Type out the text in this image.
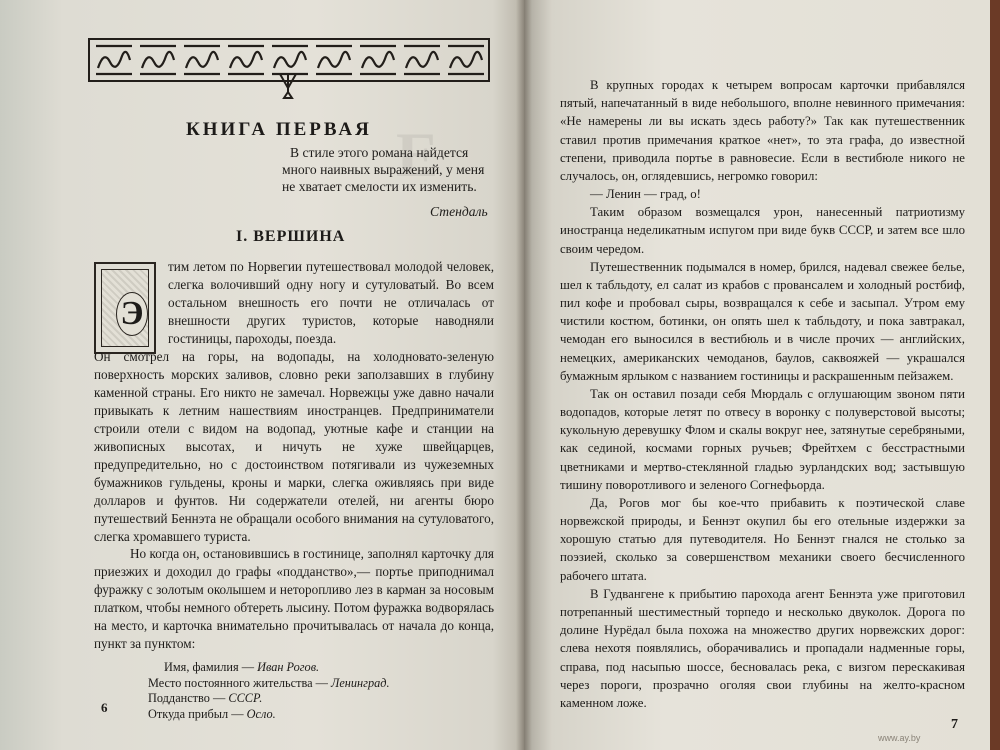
E
КНИГА ПЕРВАЯ
В стиле этого романа найдется
много наивных выражений, у меня
не хватает смелости их изменить.
Стендаль
I. ВЕРШИНА
Э
тим летом по Норвегии путешествовал молодой человек, слегка волочивший одну ногу и сутуловатый. Во всем остальном внешность его почти не отличалась от внешности других туристов, которые наводняли гостиницы, пароходы, поезда.
Он смотрел на горы, на водопады, на холодновато-зеленую поверхность морских заливов, словно реки заползавших в глубину каменной страны. Его никто не замечал. Норвежцы уже давно начали привыкать к летним нашествиям иностранцев. Предприниматели строили отели с видом на водопад, уютные кафе и станции на живописных высотах, и ничуть не хуже швейцарцев, предупредительно, но с достоинством потягивали из чужеземных бумажников гульдены, кроны и марки, слегка оживляясь при виде долларов и фунтов. Ни содержатели отелей, ни агенты бюро путешествий Беннэта не обращали особого внимания на сутуловатого, слегка хромавшего туриста.
Но когда он, остановившись в гостинице, заполнял карточку для приезжих и доходил до графы «подданство»,— портье приподнимал фуражку с золотым околышем и неторопливо лез в карман за носовым платком, чтобы немного обтереть лысину. Потом фуражка водворялась на место, и карточка внимательно прочитывалась от начала до конца, пункт за пунктом:
Имя, фамилия — Иван Рогов.
Место постоянного жительства — Ленинград.
Подданство — СССР.
Откуда прибыл — Осло.
6

В крупных городах к четырем вопросам карточки прибавлялся пятый, напечатанный в виде небольшого, вполне невинного примечания: «Не намерены ли вы искать здесь работу?» Так как путешественник ставил против примечания краткое «нет», то эта графа, до известной степени, приводила портье в равновесие. Если в вестибюле никого не случалось, он, оглядевшись, негромко говорил:

— Ленин — град, о!

Таким образом возмещался урон, нанесенный патриотизму иностранца неделикатным испугом при виде букв СССР, и затем все шло своим чередом.

Путешественник подымался в номер, брился, надевал свежее белье, шел к табльдоту, ел салат из крабов с провансалем и холодный ростбиф, пил кофе и пробовал сыры, возвращался к себе и засыпал. Утром ему чистили костюм, ботинки, он опять шел к табльдоту, и пока завтракал, чемодан его выносился в вестибюль и в числе прочих — английских, немецких, американских чемоданов, баулов, саквояжей — украшался бумажным ярлыком с названием гостиницы и раскрашенным пейзажем.

Так он оставил позади себя Мюрдаль с оглушающим звоном пяти водопадов, которые летят по отвесу в воронку с полуверстовой высоты; кукольную деревушку Флом и скалы вокруг нее, затянутые серебряными, как сединой, космами горных ручьев; Фрейтхем с бесстрастными цветниками и мертво-стеклянной гладью эурландских вод; застывшую тишину поворотливого и зеленого Согнефьорда.

Да, Рогов мог бы кое-что прибавить к поэтической славе норвежской природы, и Беннэт окупил бы его отельные издержки за хорошую статью для путеводителя. Но Беннэт гнался не столько за поэзией, сколько за совершенством механики своего бесчисленного рабочего штата.

В Гудвангене к прибытию парохода агент Беннэта уже приготовил потрепанный шестиместный торпедо и несколько двуколок. Дорога по долине Нурёдал была похожа на множество других норвежских дорог: слева нехотя появлялись, оборачивались и пропадали надменные горы, справа, под насыпью шоссе, беснoвалась река, с визгом перескакивая через пороги, прозрачно оголяя свои глубины на желто-красном каменном ложе.

7
www.ay.by
